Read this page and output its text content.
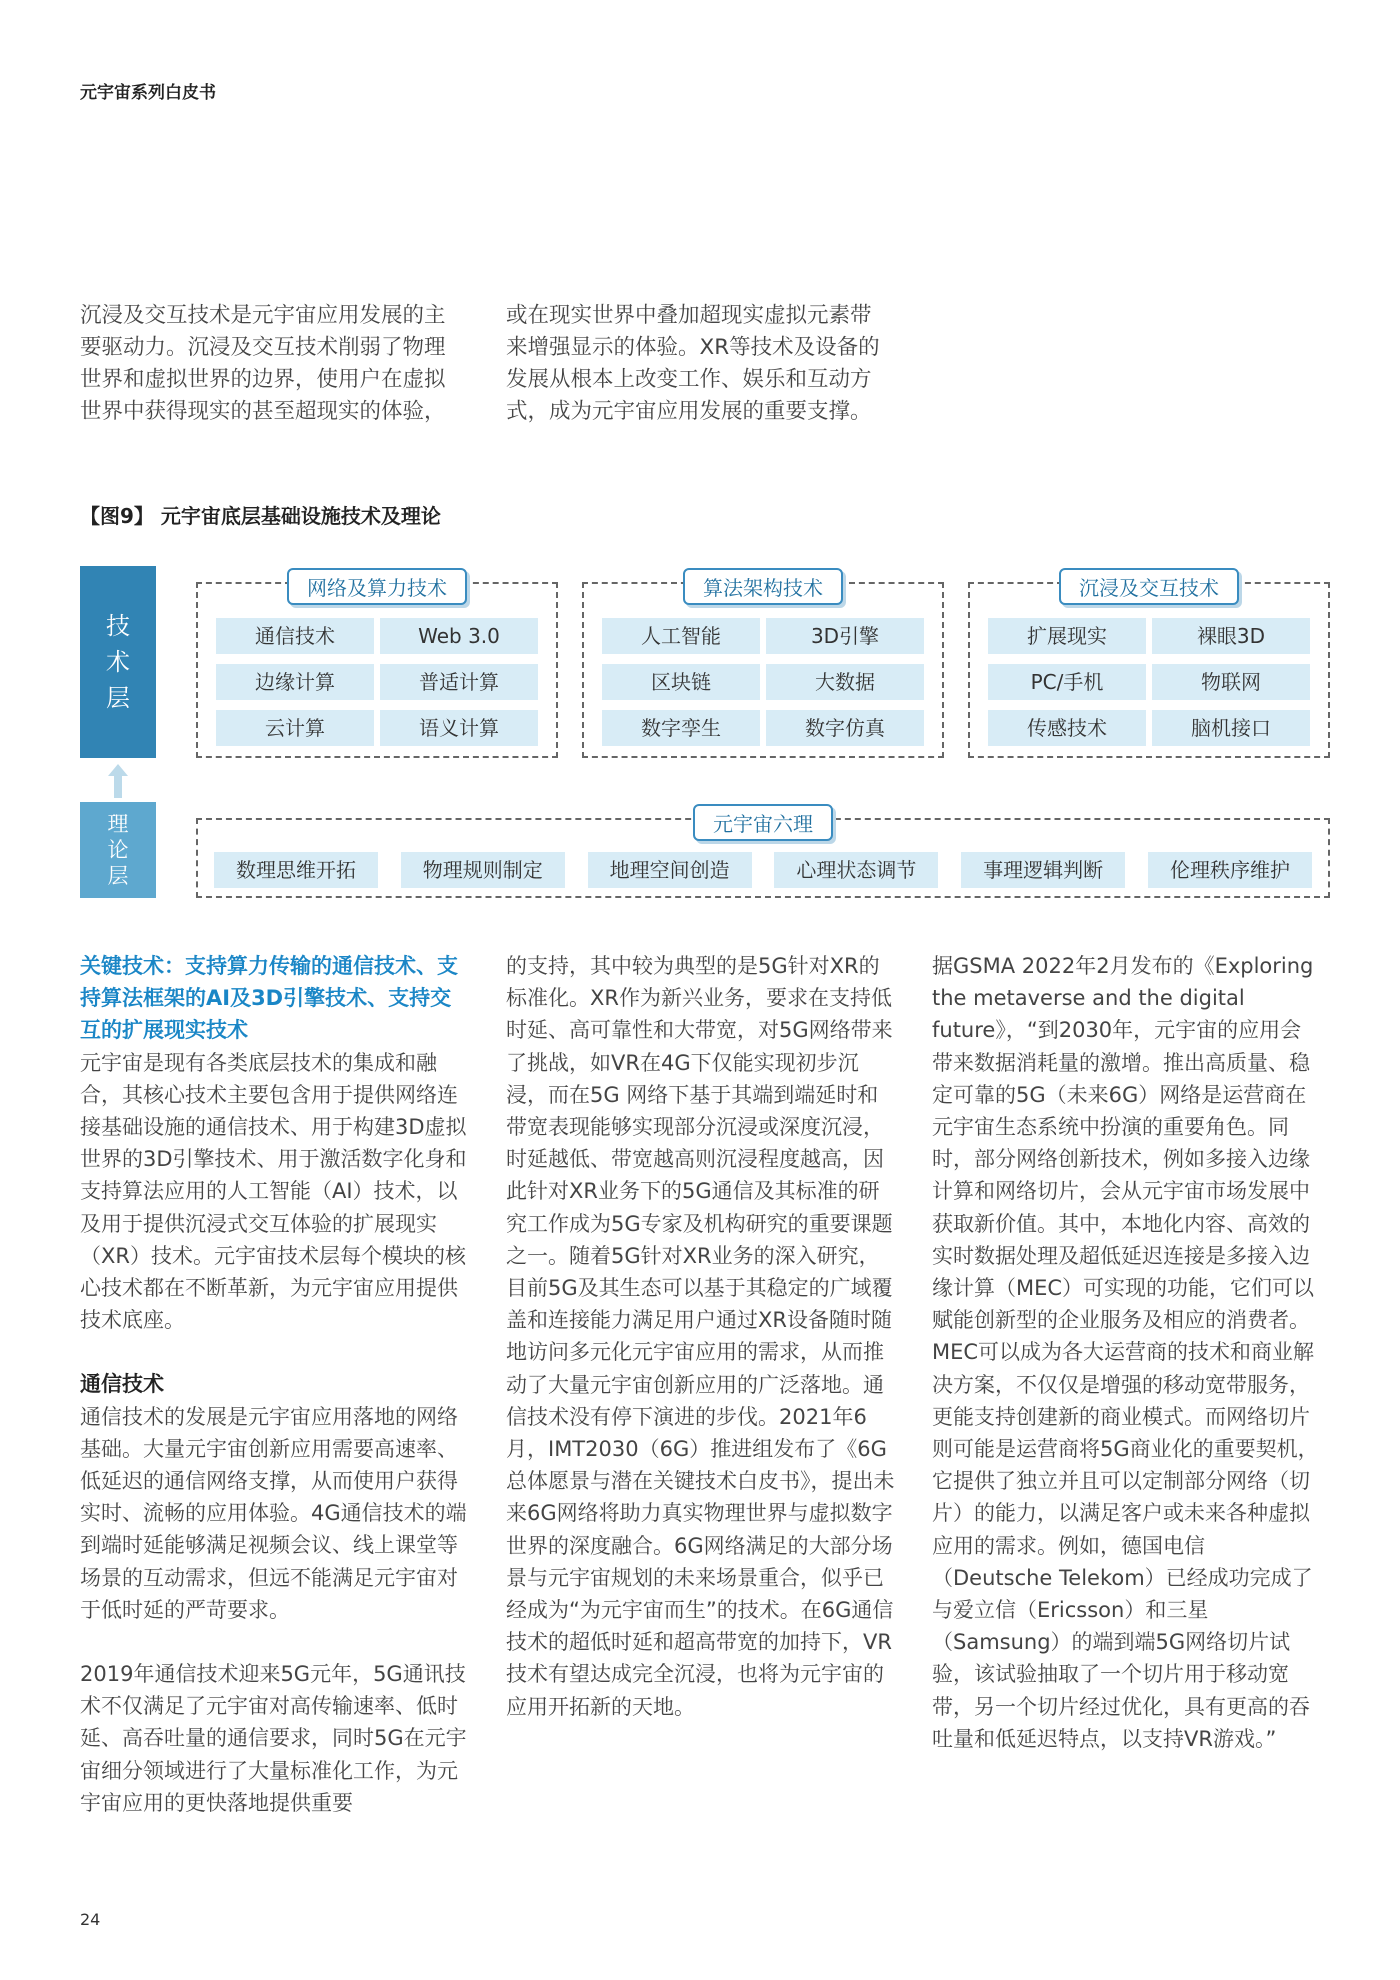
元宇宙系列白皮书

沉浸及交互技术是元宇宙应用发展的主要驱动力。沉浸及交互技术削弱了物理世界和虚拟世界的边界，使用户在虚拟世界中获得现实的甚至超现实的体验，

或在现实世界中叠加超现实虚拟元素带来增强显示的体验。XR等技术及设备的发展从根本上改变工作、娱乐和互动方式，成为元宇宙应用发展的重要支撑。

【图9】 元宇宙底层基础设施技术及理论
技
术
层
理
论
层
网络及算力技术
通信技术	Web 3.0
边缘计算	普适计算
云计算	语义计算
算法架构技术
人工智能	3D引擎
区块链	大数据
数字孪生	数字仿真
沉浸及交互技术
扩展现实	裸眼3D
PC/手机	物联网
传感技术	脑机接口
元宇宙六理
数理思维开拓	物理规则制定	地理空间创造	心理状态调节	事理逻辑判断	伦理秩序维护

关键技术：支持算力传输的通信技术、支持算法框架的AI及3D引擎技术、支持交互的扩展现实技术

元宇宙是现有各类底层技术的集成和融合，其核心技术主要包含用于提供网络连接基础设施的通信技术、用于构建3D虚拟世界的3D引擎技术、用于激活数字化身和支持算法应用的人工智能（AI）技术，以及用于提供沉浸式交互体验的扩展现实（XR）技术。元宇宙技术层每个模块的核心技术都在不断革新，为元宇宙应用提供技术底座。

通信技术

通信技术的发展是元宇宙应用落地的网络基础。大量元宇宙创新应用需要高速率、低延迟的通信网络支撑，从而使用户获得实时、流畅的应用体验。4G通信技术的端到端时延能够满足视频会议、线上课堂等场景的互动需求，但远不能满足元宇宙对于低时延的严苛要求。

2019年通信技术迎来5G元年，5G通讯技术不仅满足了元宇宙对高传输速率、低时延、高吞吐量的通信要求，同时5G在元宇宙细分领域进行了大量标准化工作，为元宇宙应用的更快落地提供重要

的支持，其中较为典型的是5G针对XR的标准化。XR作为新兴业务，要求在支持低时延、高可靠性和大带宽，对5G网络带来了挑战，如VR在4G下仅能实现初步沉浸，而在5G 网络下基于其端到端延时和带宽表现能够实现部分沉浸或深度沉浸，时延越低、带宽越高则沉浸程度越高，因此针对XR业务下的5G通信及其标准的研究工作成为5G专家及机构研究的重要课题之一。随着5G针对XR业务的深入研究，目前5G及其生态可以基于其稳定的广域覆盖和连接能力满足用户通过XR设备随时随地访问多元化元宇宙应用的需求，从而推动了大量元宇宙创新应用的广泛落地。通信技术没有停下演进的步伐。2021年6月，IMT2030（6G）推进组发布了《6G总体愿景与潜在关键技术白皮书》，提出未来6G网络将助力真实物理世界与虚拟数字世界的深度融合。6G网络满足的大部分场景与元宇宙规划的未来场景重合，似乎已经成为“为元宇宙而生”的技术。在6G通信技术的超低时延和超高带宽的加持下，VR技术有望达成完全沉浸，也将为元宇宙的应用开拓新的天地。

据GSMA 2022年2月发布的《Exploring the metaverse and the digital future》，“到2030年，元宇宙的应用会带来数据消耗量的激增。推出高质量、稳定可靠的5G（未来6G）网络是运营商在元宇宙生态系统中扮演的重要角色。同时，部分网络创新技术，例如多接入边缘计算和网络切片，会从元宇宙市场发展中获取新价值。其中，本地化内容、高效的实时数据处理及超低延迟连接是多接入边缘计算（MEC）可实现的功能，它们可以赋能创新型的企业服务及相应的消费者。MEC可以成为各大运营商的技术和商业解决方案，不仅仅是增强的移动宽带服务，更能支持创建新的商业模式。而网络切片则可能是运营商将5G商业化的重要契机，它提供了独立并且可以定制部分网络（切片）的能力，以满足客户或未来各种虚拟应用的需求。例如，德国电信（Deutsche Telekom）已经成功完成了与爱立信（Ericsson）和三星（Samsung）的端到端5G网络切片试验，该试验抽取了一个切片用于移动宽带，另一个切片经过优化，具有更高的吞吐量和低延迟特点，以支持VR游戏。”

24
